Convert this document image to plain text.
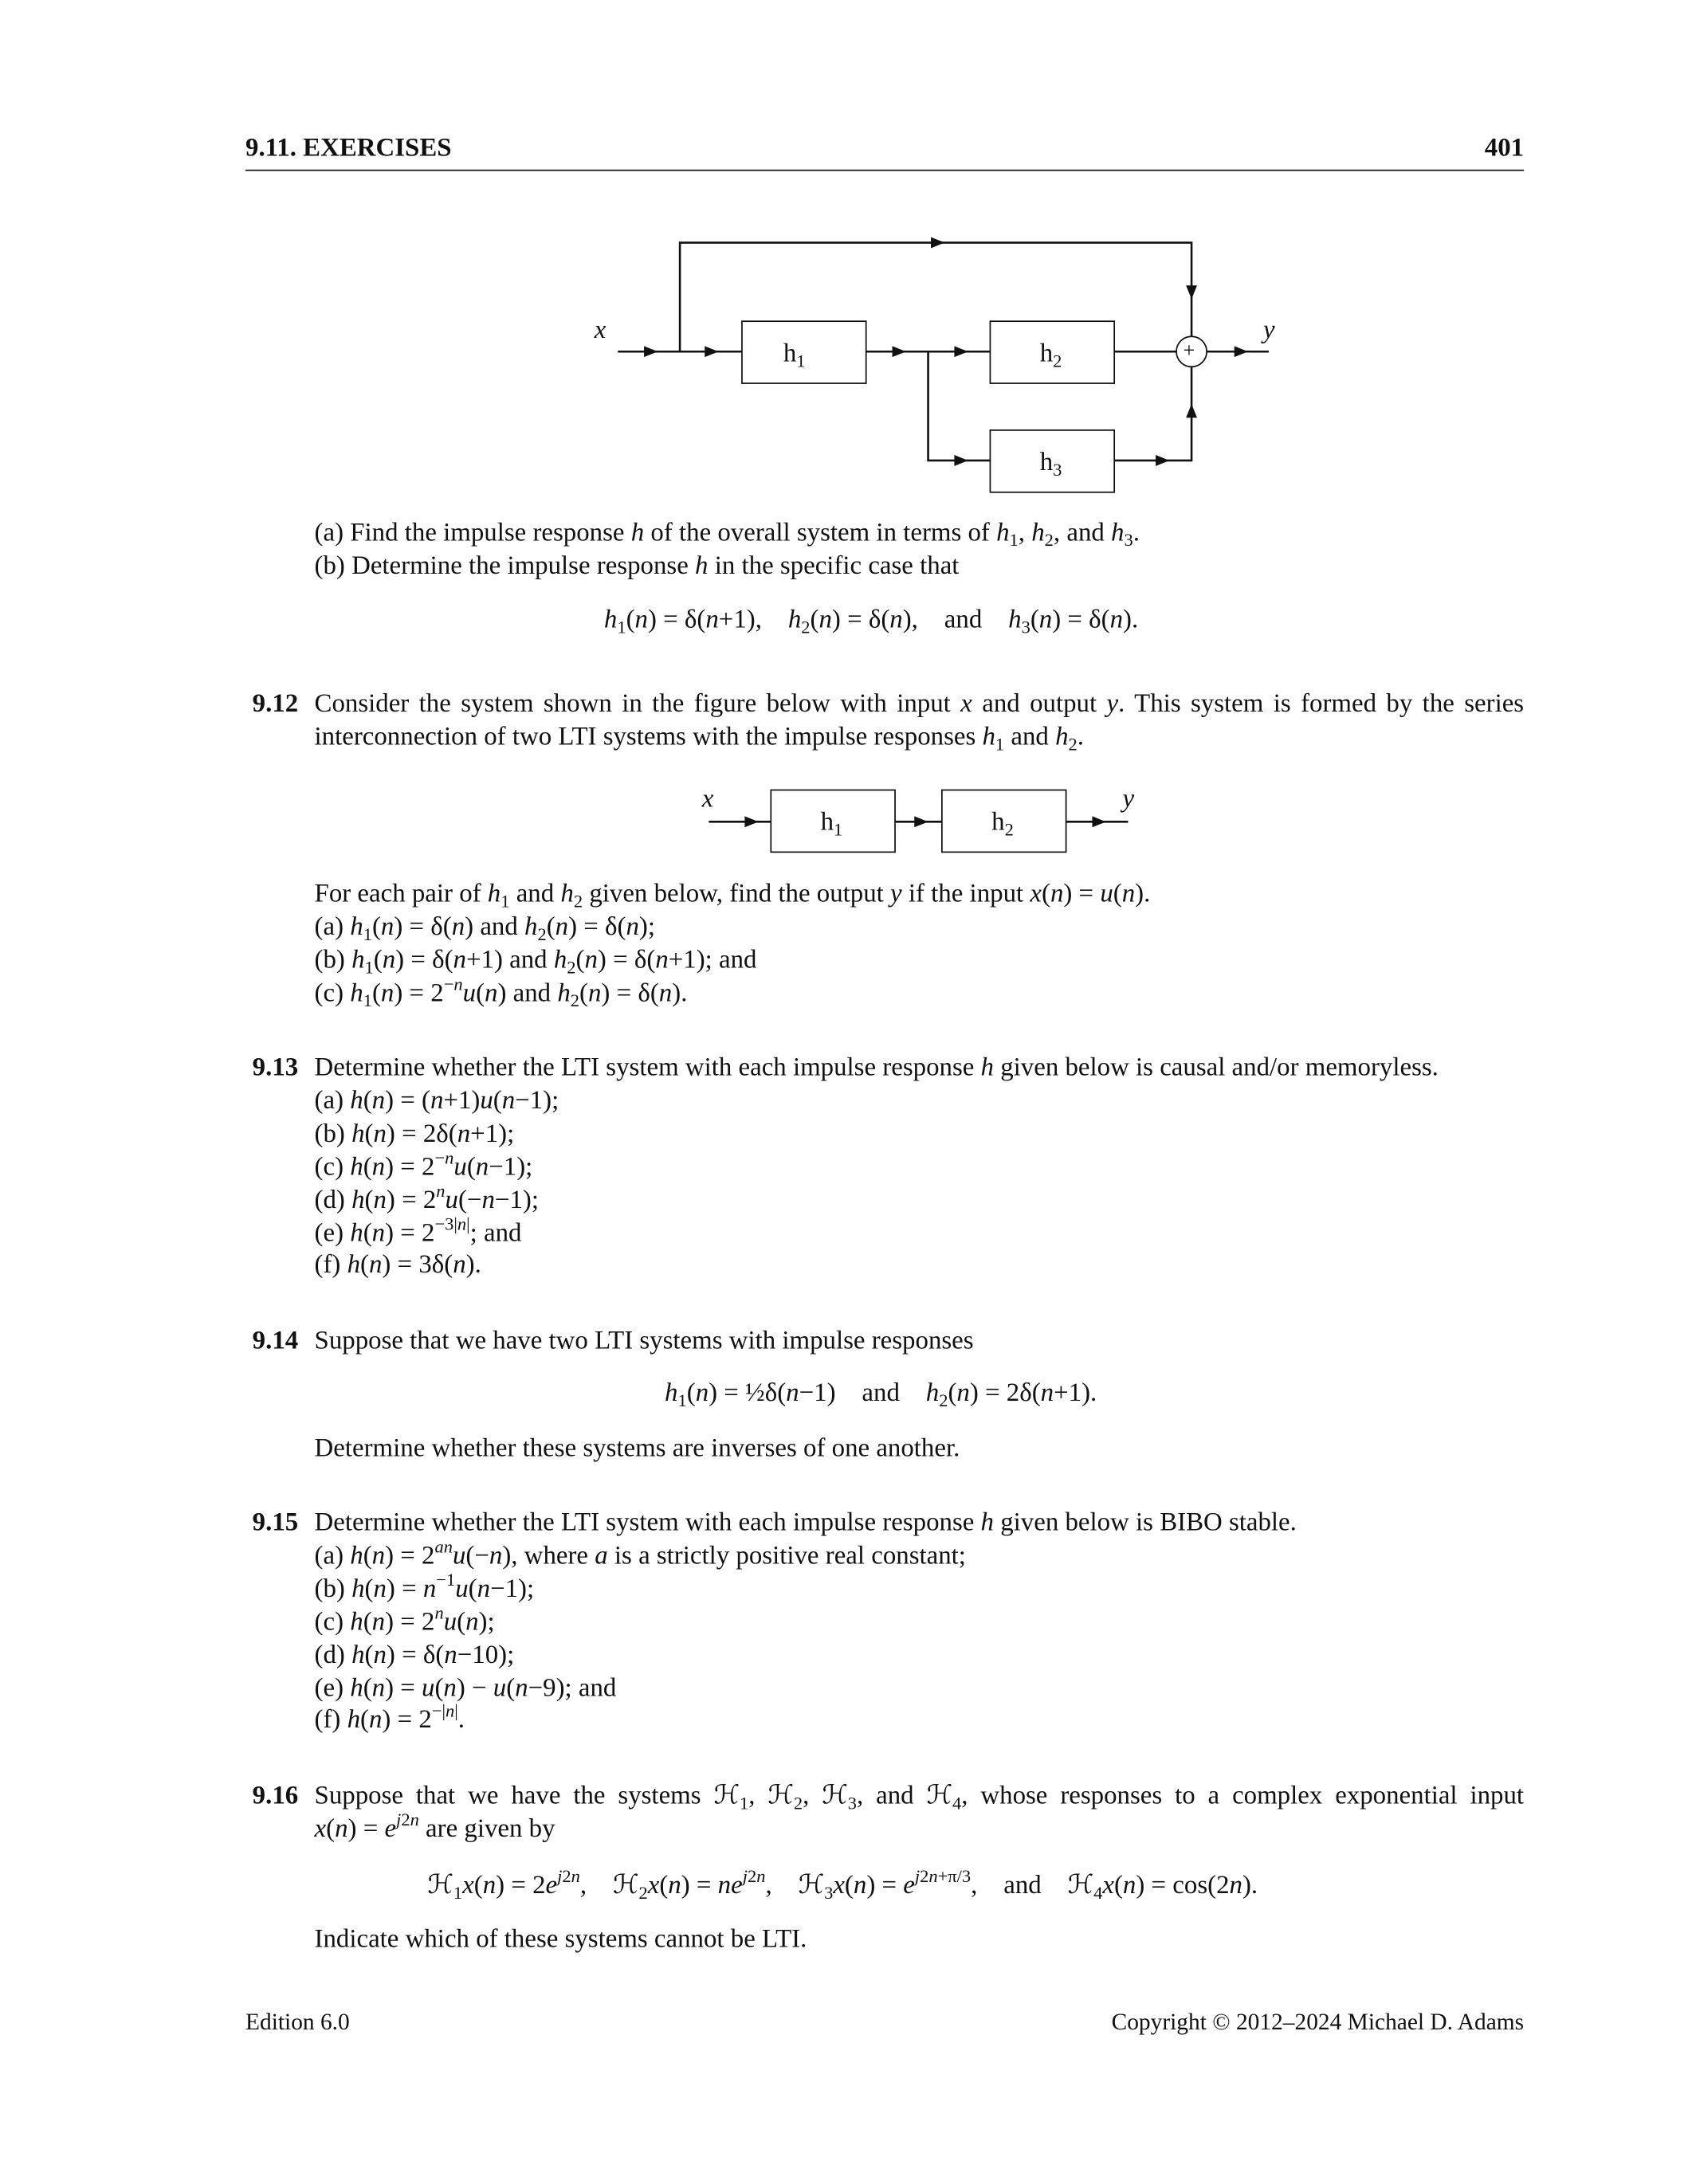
9.11. EXERCISES	401
x	y
$h_1$	$h_2$
$h_3$
+
(a) Find the impulse response h of the overall system in terms of $h_1$, $h_2$, and $h_3$.
(b) Determine the impulse response h in the specific case that
$h_1(n) = \delta(n+1)$,    $h_2(n) = \delta(n)$,    and    $h_3(n) = \delta(n)$.
9.12 Consider the system shown in the figure below with input x and output y. This system is formed by the series
interconnection of two LTI systems with the impulse responses $h_1$ and $h_2$.
x	y
$h_1$	$h_2$
For each pair of $h_1$ and $h_2$ given below, find the output y if the input x(n) = u(n).
(a) $h_1(n) = \delta(n)$ and $h_2(n) = \delta(n)$;
(b) $h_1(n) = \delta(n+1)$ and $h_2(n) = \delta(n+1)$; and
(c) $h_1(n) = 2^{-n}u(n)$ and $h_2(n) = \delta(n)$.
9.13 Determine whether the LTI system with each impulse response h given below is causal and/or memoryless.
(a) h(n) = (n+1)u(n−1);
(b) h(n) = 2δ(n+1);
(c) $h(n) = 2^{-n}u(n-1)$;
(d) $h(n) = 2^nu(-n-1)$;
(e) $h(n) = 2^{-3|n|}$; and
(f) h(n) = 3δ(n).
9.14 Suppose that we have two LTI systems with impulse responses
$h_1(n)$ = ½δ(n−1)    and    $h_2(n) = 2\delta(n+1)$.
Determine whether these systems are inverses of one another.
9.15 Determine whether the LTI system with each impulse response h given below is BIBO stable.
(a) $h(n) = 2^{an}u(-n)$, where a is a strictly positive real constant;
(b) $h(n) = n^{-1}u(n-1)$;
(c) $h(n) = 2^nu(n)$;
(d) h(n) = δ(n−10);
(e) h(n) = u(n) − u(n−9); and
(f) $h(n) = 2^{-|n|}$.
9.16 Suppose that we have the systems ℋ$_1$, ℋ$_2$, ℋ$_3$, and ℋ$_4$, whose responses to a complex exponential input
$x(n) = e^{j2n}$ are given by
ℋ$_1$x(n) = $2e^{j2n}$,    ℋ$_2$x(n) = $ne^{j2n}$,    ℋ$_3$x(n) = $e^{j2n+\pi/3}$,    and    ℋ$_4$x(n) = cos(2n).
Indicate which of these systems cannot be LTI.
Edition 6.0	Copyright © 2012–2024 Michael D. Adams
